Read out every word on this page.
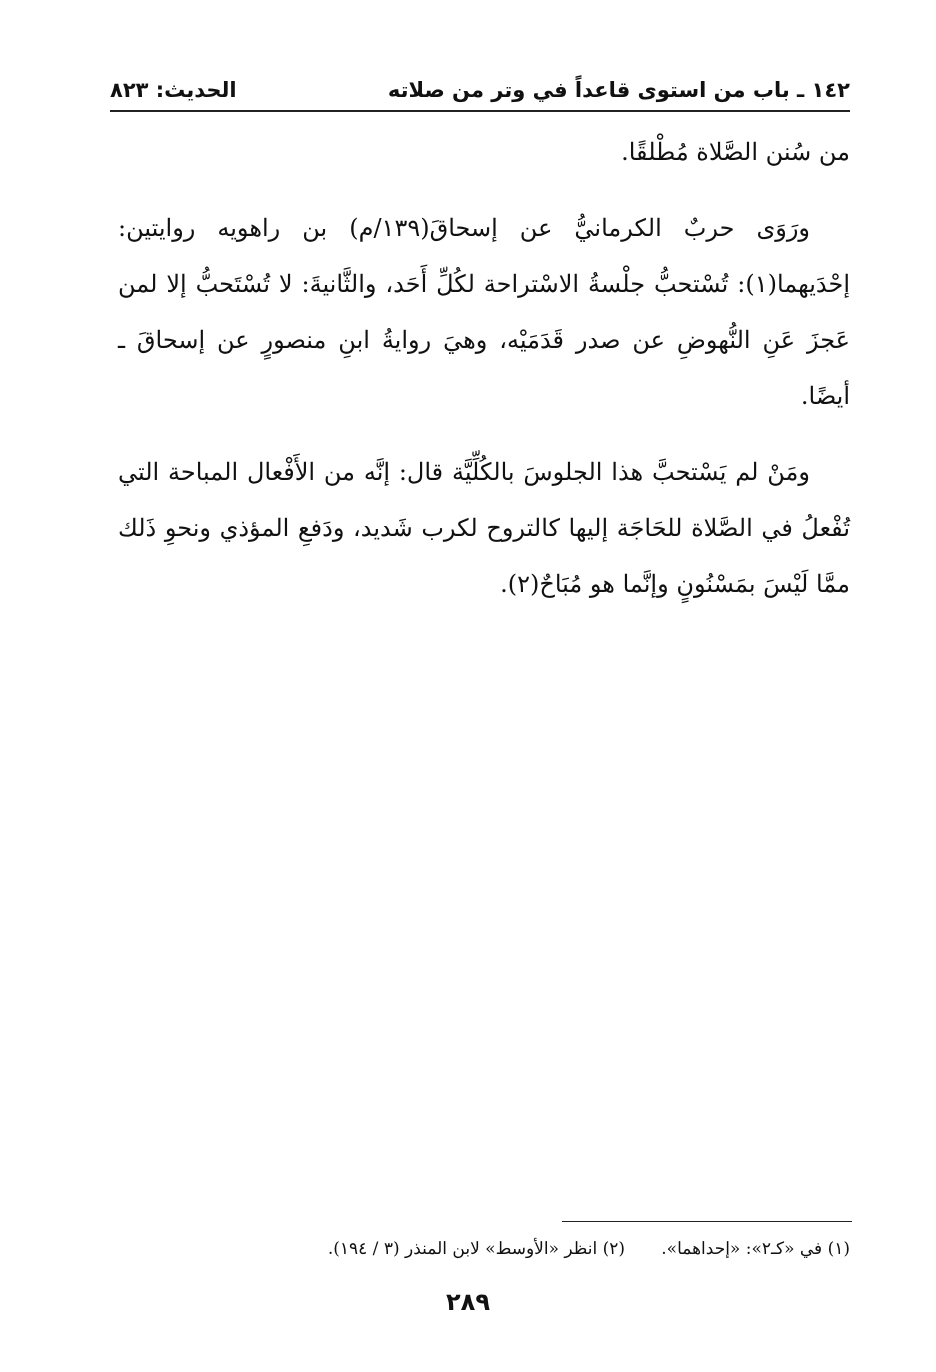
١٤٢ ـ باب من استوى قاعداً في وتر من صلاته
الحديث: ٨٢٣

من سُنن الصَّلاة مُطْلقًا.

ورَوَى حربٌ الكرمانيُّ عن إسحاقَ(١٣٩/م) بن راهويه روايتين: إحْدَيهما(١): تُسْتحبُّ جلْسةُ الاسْتراحة لكُلِّ أَحَد، والثَّانيةَ: لا تُسْتَحبُّ إلا لمن عَجزَ عَنِ النُّهوضِ عن صدر قَدَمَيْه، وهيَ روايةُ ابنِ منصورٍ عن إسحاقَ ـ أيضًا.

ومَنْ لم يَسْتحبَّ هذا الجلوسَ بالكُلِّيَّة قال: إنَّه من الأَفْعال المباحة التي تُفْعلُ في الصَّلاة للحَاجَة إليها كالتروح لكرب شَديد، ودَفعِ المؤذي ونحوِ ذَلك ممَّا لَيْسَ بمَسْنُونٍ وإنَّما هو مُبَاحٌ(٢).

(١) في «كـ٢»: «إحداهما».
(٢) انظر «الأوسط» لابن المنذر (٣ / ١٩٤).
٢٨٩
